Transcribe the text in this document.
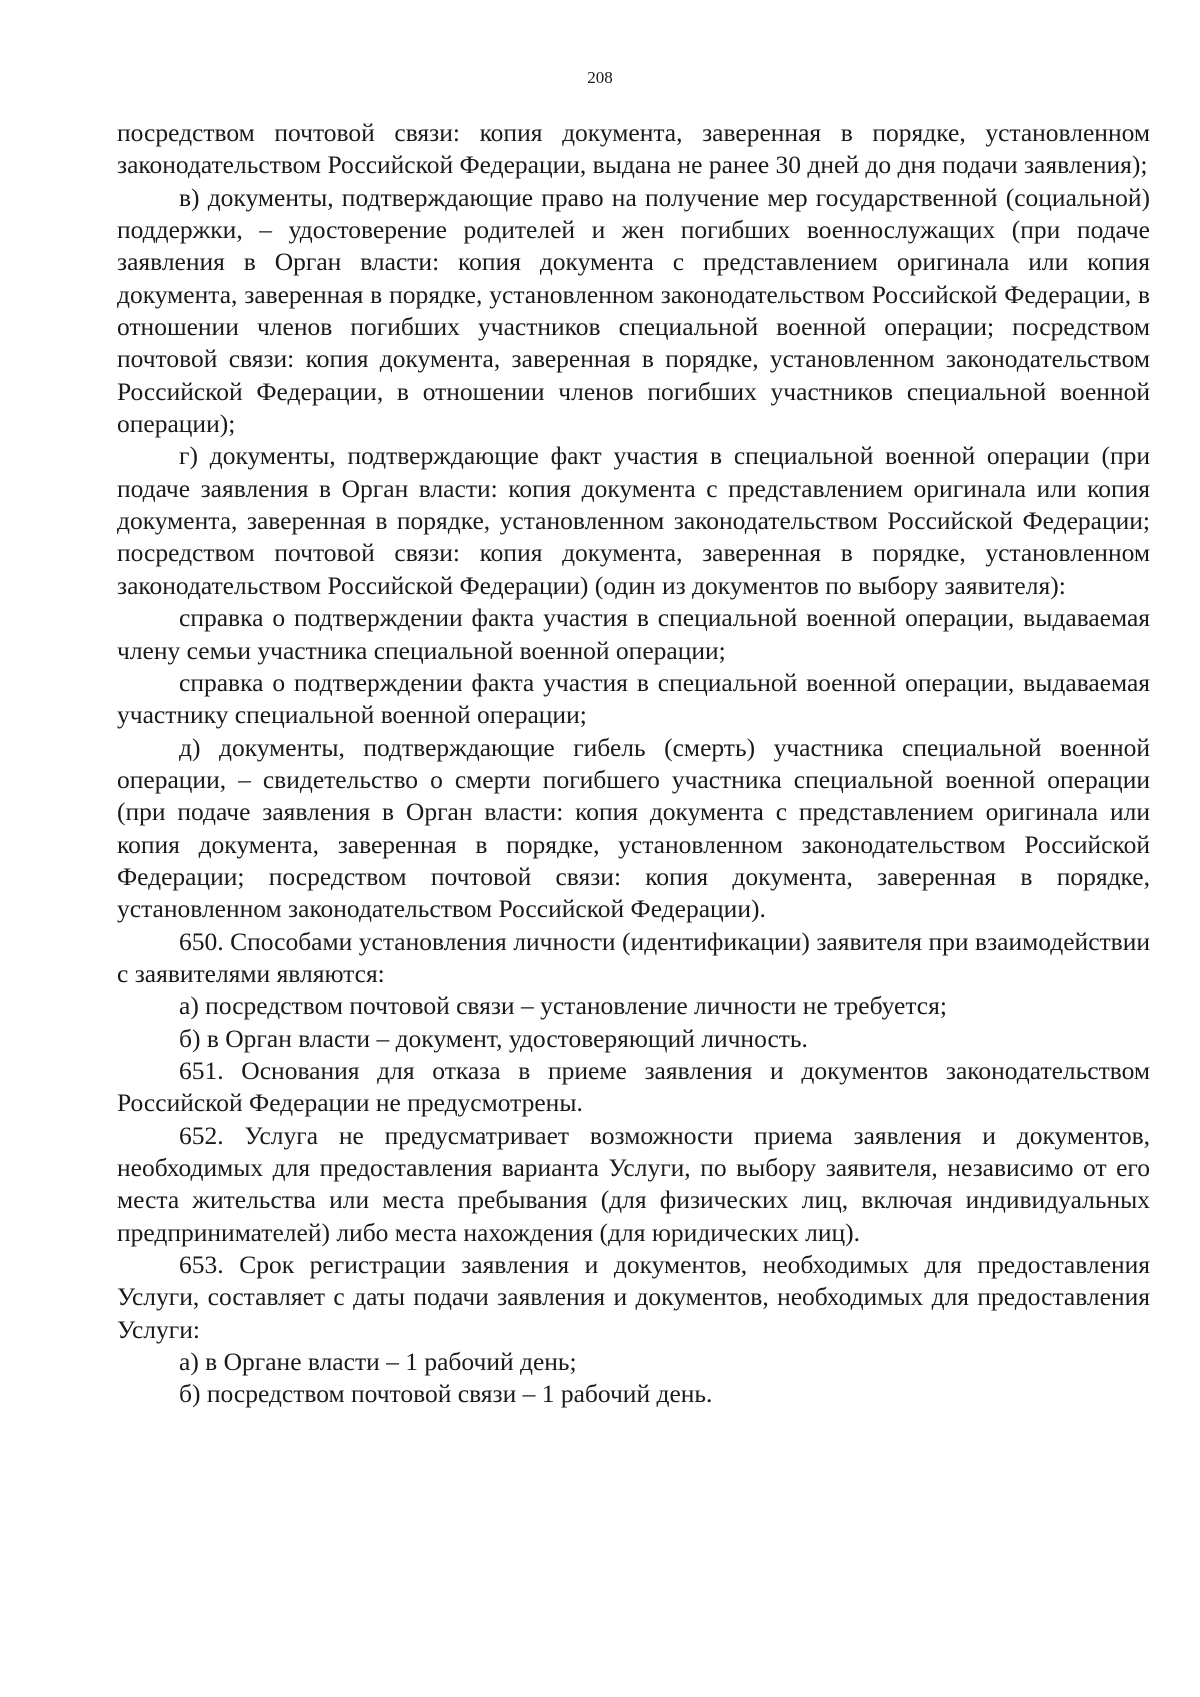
208

посредством почтовой связи: копия документа, заверенная в порядке, установленном законодательством Российской Федерации, выдана не ранее 30 дней до дня подачи заявления);

в) документы, подтверждающие право на получение мер государственной (социальной) поддержки, – удостоверение родителей и жен погибших военнослужащих (при подаче заявления в Орган власти: копия документа с представлением оригинала или копия документа, заверенная в порядке, установленном законодательством Российской Федерации, в отношении членов погибших участников специальной военной операции; посредством почтовой связи: копия документа, заверенная в порядке, установленном законодательством Российской Федерации, в отношении членов погибших участников специальной военной операции);

г) документы, подтверждающие факт участия в специальной военной операции (при подаче заявления в Орган власти: копия документа с представлением оригинала или копия документа, заверенная в порядке, установленном законодательством Российской Федерации; посредством почтовой связи: копия документа, заверенная в порядке, установленном законодательством Российской Федерации) (один из документов по выбору заявителя):

справка о подтверждении факта участия в специальной военной операции, выдаваемая члену семьи участника специальной военной операции;

справка о подтверждении факта участия в специальной военной операции, выдаваемая участнику специальной военной операции;

д) документы, подтверждающие гибель (смерть) участника специальной военной операции, – свидетельство о смерти погибшего участника специальной военной операции (при подаче заявления в Орган власти: копия документа с представлением оригинала или копия документа, заверенная в порядке, установленном законодательством Российской Федерации; посредством почтовой связи: копия документа, заверенная в порядке, установленном законодательством Российской Федерации).

650. Способами установления личности (идентификации) заявителя при взаимодействии с заявителями являются:

а) посредством почтовой связи – установление личности не требуется;

б) в Орган власти – документ, удостоверяющий личность.

651. Основания для отказа в приеме заявления и документов законодательством Российской Федерации не предусмотрены.

652. Услуга не предусматривает возможности приема заявления и документов, необходимых для предоставления варианта Услуги, по выбору заявителя, независимо от его места жительства или места пребывания (для физических лиц, включая индивидуальных предпринимателей) либо места нахождения (для юридических лиц).

653. Срок регистрации заявления и документов, необходимых для предоставления Услуги, составляет с даты подачи заявления и документов, необходимых для предоставления Услуги:

а) в Органе власти – 1 рабочий день;

б) посредством почтовой связи – 1 рабочий день.
